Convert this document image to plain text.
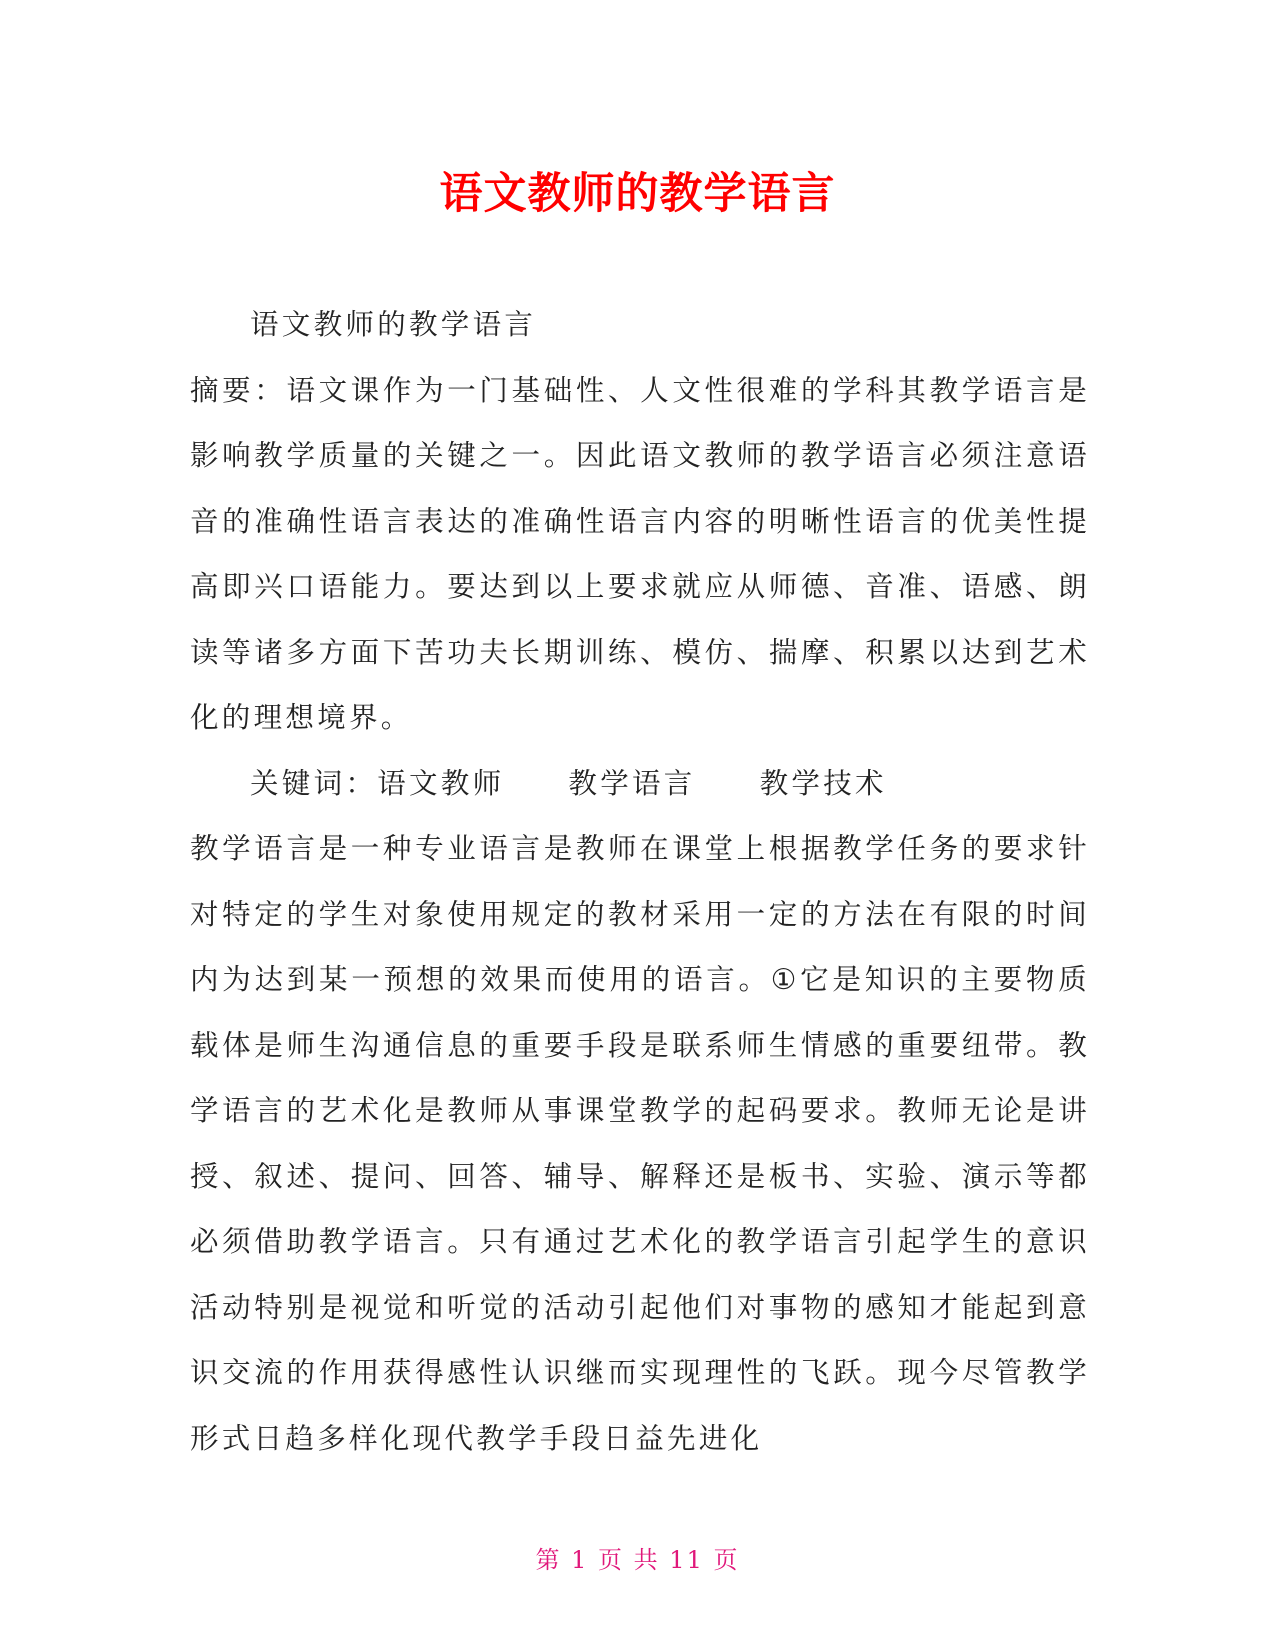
语文教师的教学语言

语文教师的教学语言

摘要：语文课作为一门基础性、人文性很难的学科其教学语言是影响教学质量的关键之一。因此语文教师的教学语言必须注意语音的准确性语言表达的准确性语言内容的明晰性语言的优美性提高即兴口语能力。要达到以上要求就应从师德、音准、语感、朗读等诸多方面下苦功夫长期训练、模仿、揣摩、积累以达到艺术化的理想境界。

关键词：语文教师 教学语言 教学技术

教学语言是一种专业语言是教师在课堂上根据教学任务的要求针对特定的学生对象使用规定的教材采用一定的方法在有限的时间内为达到某一预想的效果而使用的语言。①它是知识的主要物质载体是师生沟通信息的重要手段是联系师生情感的重要纽带。教学语言的艺术化是教师从事课堂教学的起码要求。教师无论是讲授、叙述、提问、回答、辅导、解释还是板书、实验、演示等都必须借助教学语言。只有通过艺术化的教学语言引起学生的意识活动特别是视觉和听觉的活动引起他们对事物的感知才能起到意识交流的作用获得感性认识继而实现理性的飞跃。现今尽管教学形式日趋多样化现代教学手段日益先进化

第 1 页 共 11 页
